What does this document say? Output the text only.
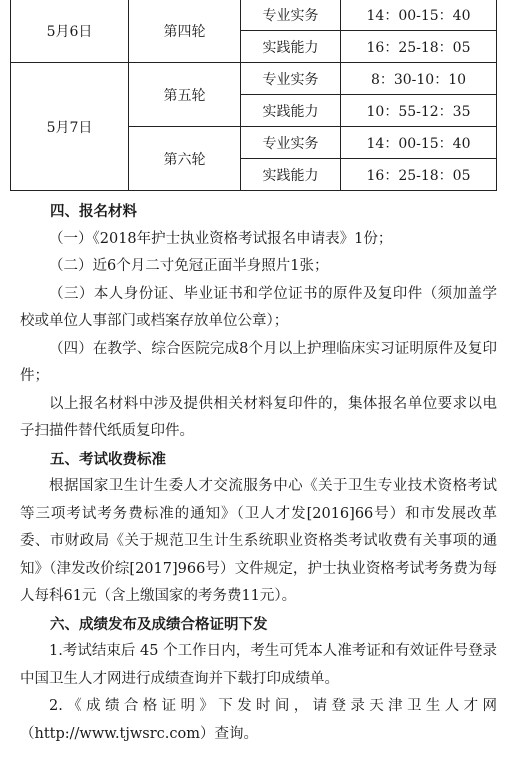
5月6日	第四轮	专业实务	14：00-15：40
		实践能力	16：25-18：05
5月7日	第五轮	专业实务	8：30-10：10
		实践能力	10：55-12：35
	第六轮	专业实务	14：00-15：40
		实践能力	16：25-18：05

四、报名材料

（一）《2018年护士执业资格考试报名申请表》1份；

（二）近6个月二寸免冠正面半身照片1张；

（三）本人身份证、毕业证书和学位证书的原件及复印件（须加盖学校或单位人事部门或档案存放单位公章）；

（四）在教学、综合医院完成8个月以上护理临床实习证明原件及复印件；

以上报名材料中涉及提供相关材料复印件的，集体报名单位要求以电子扫描件替代纸质复印件。

五、考试收费标准

根据国家卫生计生委人才交流服务中心《关于卫生专业技术资格考试等三项考试考务费标准的通知》（卫人才发[2016]66号）和市发展改革委、市财政局《关于规范卫生计生系统职业资格类考试收费有关事项的通知》（津发改价综[2017]966号）文件规定，护士执业资格考试考务费为每人每科61元（含上缴国家的考务费11元）。

六、成绩发布及成绩合格证明下发

1.考试结束后 45 个工作日内，考生可凭本人准考证和有效证件号登录中国卫生人才网进行成绩查询并下载打印成绩单。

2.《成绩合格证明》下发时间，请登录天津卫生人才网（http://www.tjwsrc.com）查询。
